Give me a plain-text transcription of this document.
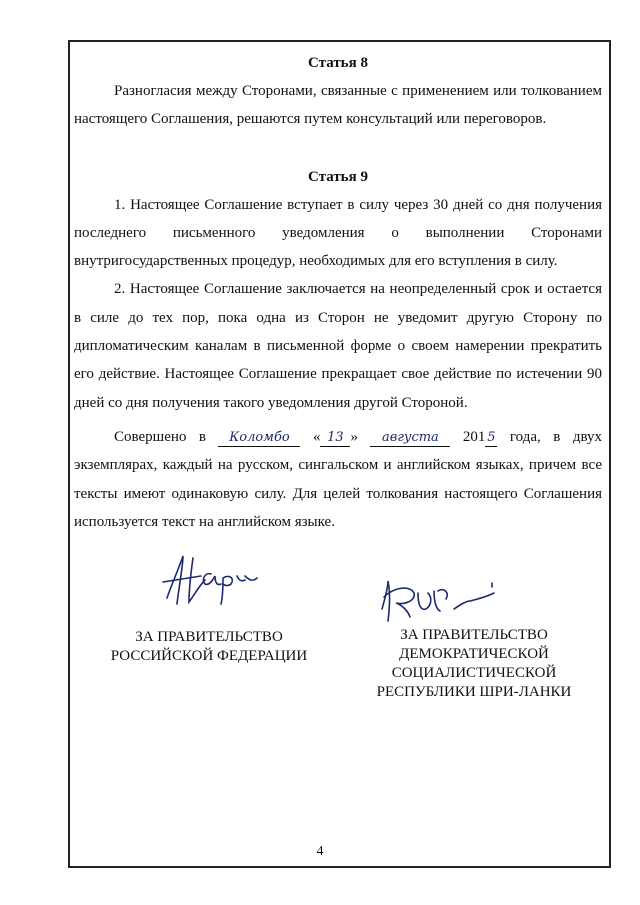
Статья 8

Разногласия между Сторонами, связанные с применением или толкованием настоящего Соглашения, решаются путем консультаций или переговоров.

Статья 9

1. Настоящее Соглашение вступает в силу через 30 дней со дня получения последнего письменного уведомления о выполнении Сторонами внутригосударственных процедур, необходимых для его вступления в силу.

2. Настоящее Соглашение заключается на неопределенный срок и остается в силе до тех пор, пока одна из Сторон не уведомит другую Сторону по дипломатическим каналам в письменной форме о своем намерении прекратить его действие. Настоящее Соглашение прекращает свое действие по истечении 90 дней со дня получения такого уведомления другой Стороной.

Совершено в Коломбо « 13 » августа 201 5 года, в двух экземплярах, каждый на русском, сингальском и английском языках, причем все тексты имеют одинаковую силу. Для целей толкования настоящего Соглашения используется текст на английском языке.

ЗА ПРАВИТЕЛЬСТВО
РОССИЙСКОЙ ФЕДЕРАЦИИ
ЗА ПРАВИТЕЛЬСТВО
ДЕМОКРАТИЧЕСКОЙ
СОЦИАЛИСТИЧЕСКОЙ
РЕСПУБЛИКИ ШРИ-ЛАНКИ
4
